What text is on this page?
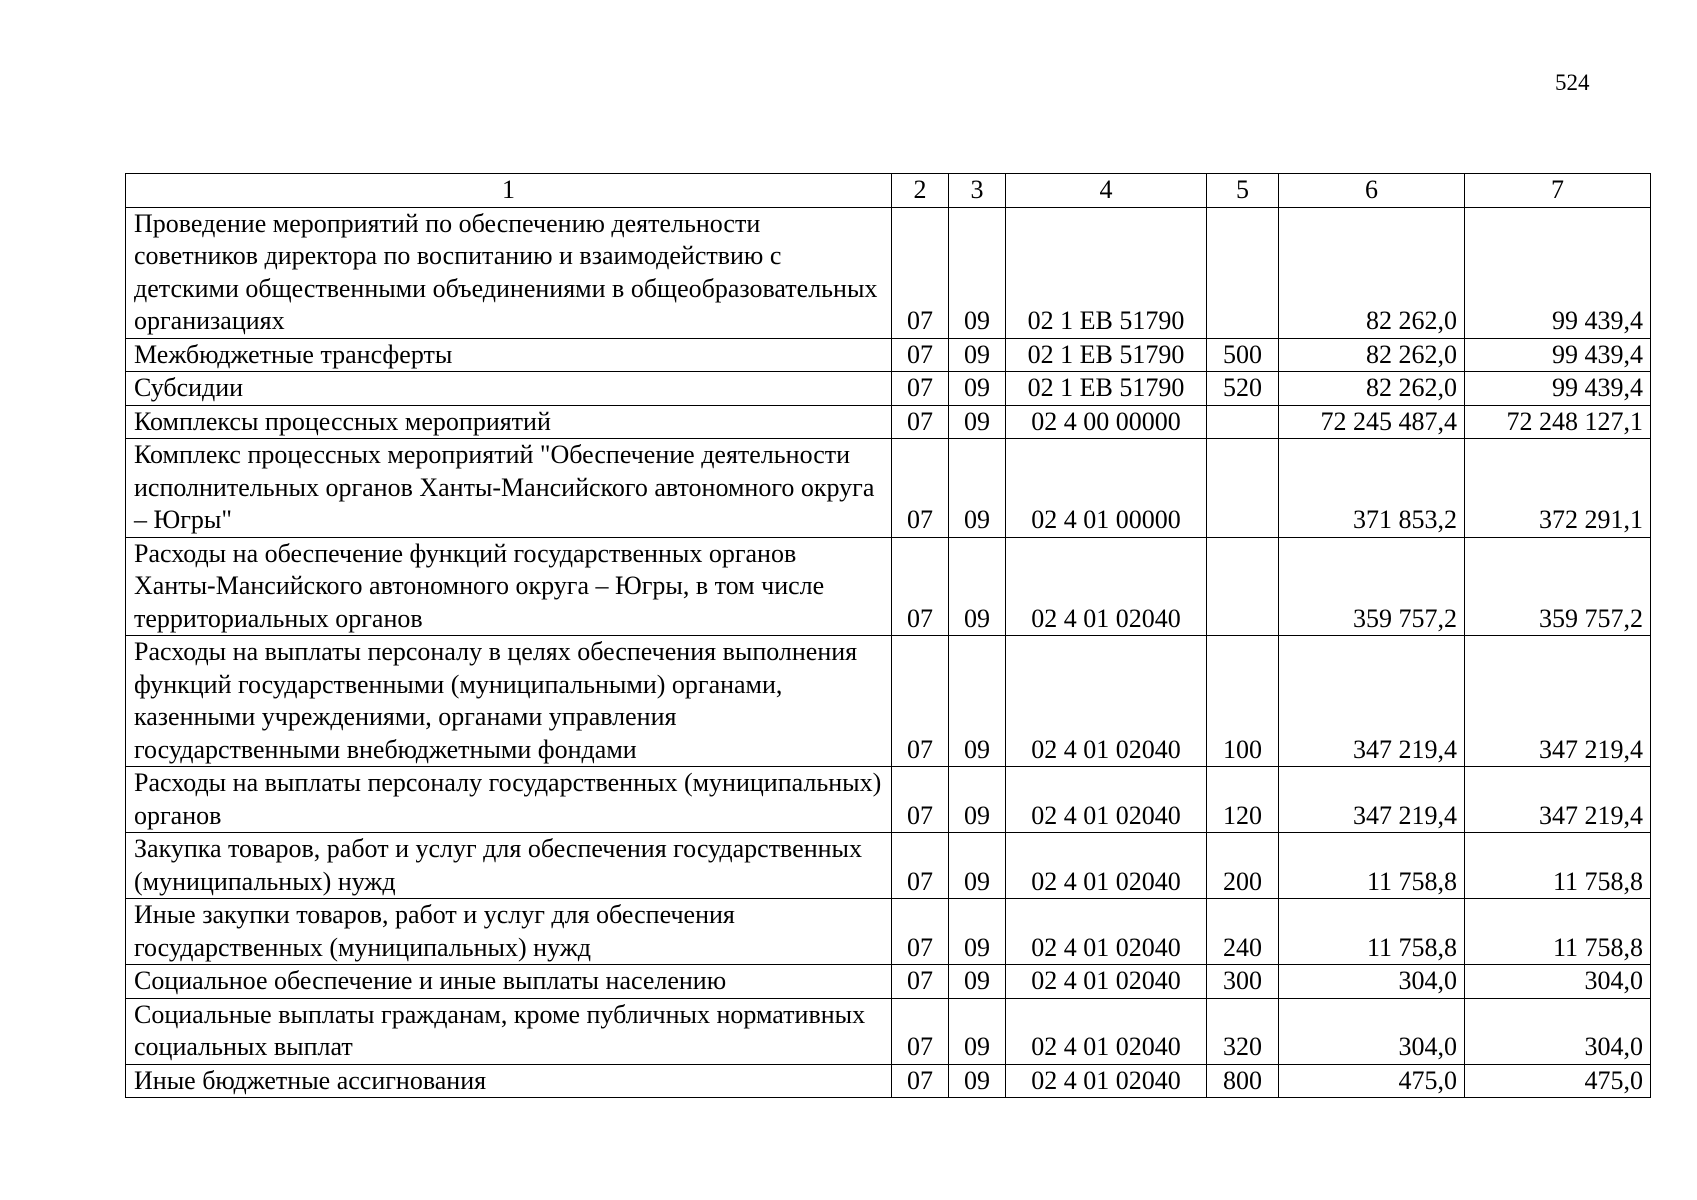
524
1	2	3	4	5	6	7
Проведение мероприятий по обеспечению деятельности советников директора по воспитанию и взаимодействию с детскими общественными объединениями в общеобразовательных организациях	07	09	02 1 EB 51790		82 262,0	99 439,4
Межбюджетные трансферты	07	09	02 1 EB 51790	500	82 262,0	99 439,4
Субсидии	07	09	02 1 EB 51790	520	82 262,0	99 439,4
Комплексы процессных мероприятий	07	09	02 4 00 00000		72 245 487,4	72 248 127,1
Комплекс процессных мероприятий "Обеспечение деятельности исполнительных органов Ханты-Мансийского автономного округа – Югры"	07	09	02 4 01 00000		371 853,2	372 291,1
Расходы на обеспечение функций государственных органов Ханты-Мансийского автономного округа – Югры, в том числе территориальных органов	07	09	02 4 01 02040		359 757,2	359 757,2
Расходы на выплаты персоналу в целях обеспечения выполнения функций государственными (муниципальными) органами, казенными учреждениями, органами управления государственными внебюджетными фондами	07	09	02 4 01 02040	100	347 219,4	347 219,4
Расходы на выплаты персоналу государственных (муниципальных) органов	07	09	02 4 01 02040	120	347 219,4	347 219,4
Закупка товаров, работ и услуг для обеспечения государственных (муниципальных) нужд	07	09	02 4 01 02040	200	11 758,8	11 758,8
Иные закупки товаров, работ и услуг для обеспечения государственных (муниципальных) нужд	07	09	02 4 01 02040	240	11 758,8	11 758,8
Социальное обеспечение и иные выплаты населению	07	09	02 4 01 02040	300	304,0	304,0
Социальные выплаты гражданам, кроме публичных нормативных социальных выплат	07	09	02 4 01 02040	320	304,0	304,0
Иные бюджетные ассигнования	07	09	02 4 01 02040	800	475,0	475,0
